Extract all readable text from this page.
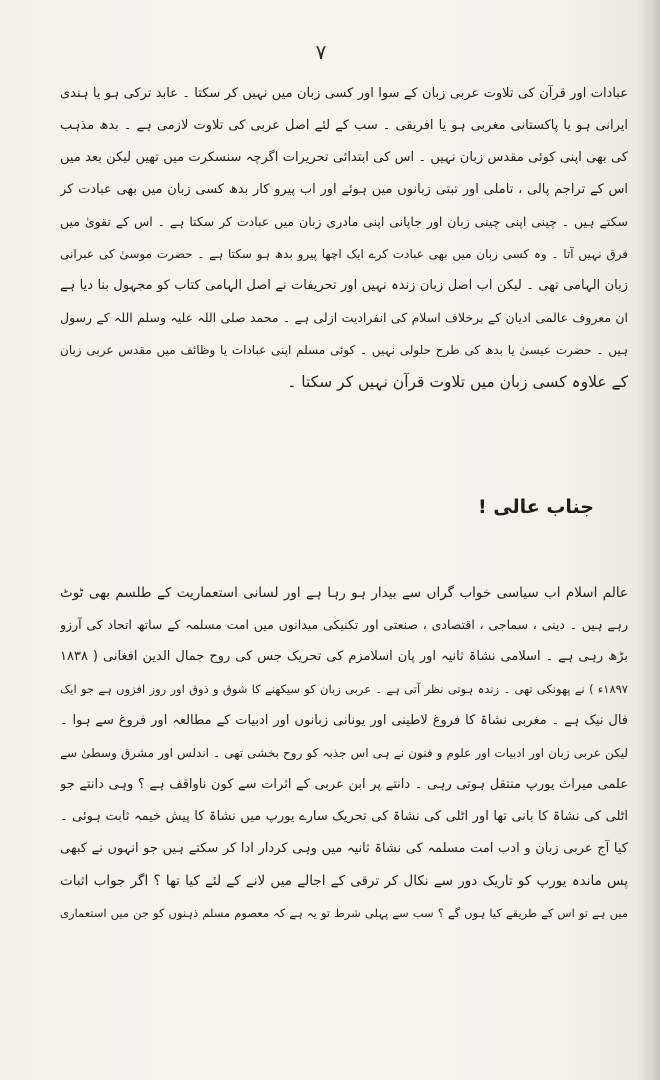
۷
عبادات اور قرآن کی تلاوت عربی زبان کے سوا اور کسی زبان میں نہیں کر سکتا ۔ عابد ترکی ہو یا ہندی
ایرانی ہو یا پاکستانی مغربی ہو یا افریقی ۔ سب کے لئے اصل عربی کی تلاوت لازمی ہے ۔ بدھ مذہب
کی بھی اپنی کوئی مقدس زبان نہیں ۔ اس کی ابتدائی تحریرات اگرچہ سنسکرت میں تھیں لیکن بعد میں
اس کے تراجم پالی ، تاملی اور تبتی زبانوں میں ہوئے اور اب پیرو کار بدھ کسی زبان میں بھی عبادت کر
سکتے ہیں ۔ چینی اپنی چینی زبان اور جاپانی اپنی مادری زبان میں عبادت کر سکتا ہے ۔ اس کے تقویٰ میں
فرق نہیں آتا ۔ وہ کسی زبان میں بھی عبادت کرے ایک اچھا پیرو بدھ ہو سکتا ہے ۔ حضرت موسیٰ کی عبرانی
زبان الہامی تھی ۔ لیکن اب اصل زبان زندہ نہیں اور تحریفات نے اصل الہامی کتاب کو مجہول بنا دیا ہے
ان معروف عالمی ادیان کے برخلاف اسلام کی انفرادیت ازلی ہے ۔ محمد صلی اللہ علیہ وسلم اللہ کے رسول
ہیں ۔ حضرت عیسیٰ یا بدھ کی طرح حلولی نہیں ۔ کوئی مسلم اپنی عبادات یا وظائف میں مقدس عربی زبان
کے علاوہ کسی زبان میں تلاوت قرآن نہیں کر سکتا ۔
جناب عالی !
عالم اسلام اب سیاسی خواب گراں سے بیدار ہو رہا ہے اور لسانی استعماریت کے طلسم بھی ٹوٹ
رہے ہیں ۔ دینی ، سماجی ، اقتصادی ، صنعتی اور تکنیکی میدانوں میں امت مسلمہ کے ساتھ اتحاد کی آرزو
بڑھ رہی ہے ۔ اسلامی نشاۃ ثانیہ اور پان اسلامزم کی تحریک جس کی روح جمال الدین افغانی ( ۱۸۳۸
۱۸۹۷ء ) نے پھونکی تھی ۔ زندہ ہوتی نظر آتی ہے ۔ عربی زبان کو سیکھنے کا شوق و ذوق اور روز افزوں ہے جو ایک
فال نیک ہے ۔ مغربی نشاۃ کا فروغ لاطینی اور یونانی زبانوں اور ادبیات کے مطالعہ اور فروغ سے ہوا ۔
لیکن عربی زبان اور ادبیات اور علوم و فنون نے ہی اس جذبہ کو روح بخشی تھی ۔ اندلس اور مشرق وسطیٰ سے
علمی میراث یورپ منتقل ہوتی رہی ۔ دانتے پر ابن عربی کے اثرات سے کون ناواقف ہے ؟ وہی دانتے جو
اٹلی کی نشاۃ کا بانی تھا اور اٹلی کی نشاۃ کی تحریک سارے یورپ میں نشاۃ کا پیش خیمہ ثابت ہوئی ۔
کیا آج عربی زبان و ادب امت مسلمہ کی نشاۃ ثانیہ میں وہی کردار ادا کر سکتے ہیں جو انہوں نے کبھی
پس ماندہ یورپ کو تاریک دور سے نکال کر ترقی کے اجالے میں لانے کے لئے کیا تھا ؟ اگر جواب اثبات
میں ہے تو اس کے طریقے کیا ہوں گے ؟ سب سے پہلی شرط تو یہ ہے کہ معصوم مسلم ذہنوں کو جن میں استعماری
